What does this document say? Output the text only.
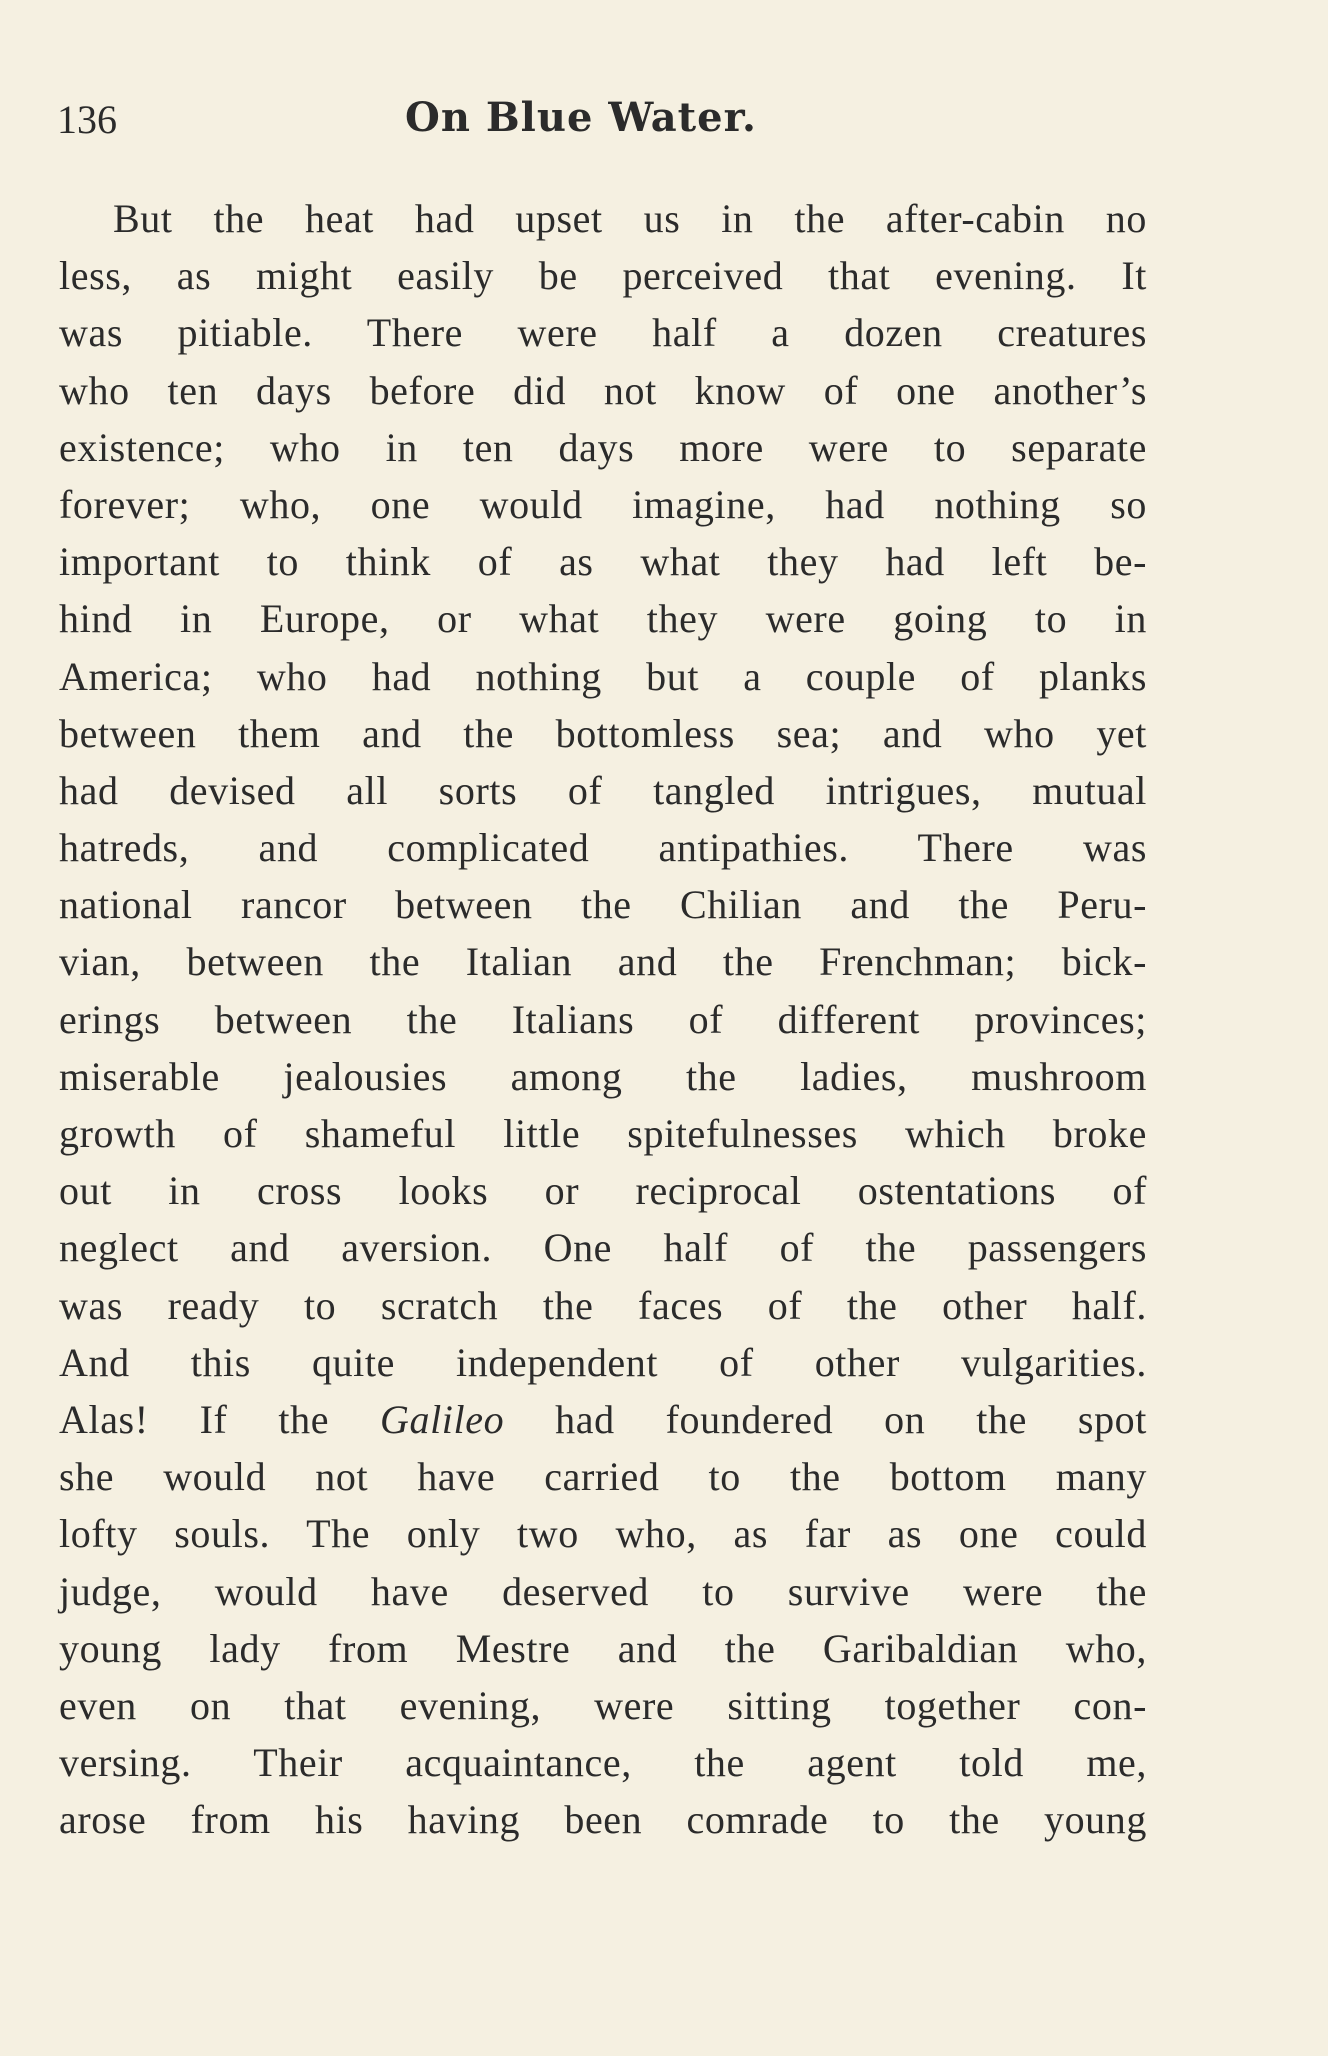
136	On Blue Water.
But the heat had upset us in the after-cabin no
less, as might easily be perceived that evening. It
was pitiable. There were half a dozen creatures
who ten days before did not know of one another’s
existence; who in ten days more were to separate
forever; who, one would imagine, had nothing so
important to think of as what they had left be-
hind in Europe, or what they were going to in
America; who had nothing but a couple of planks
between them and the bottomless sea; and who yet
had devised all sorts of tangled intrigues, mutual
hatreds, and complicated antipathies. There was
national rancor between the Chilian and the Peru-
vian, between the Italian and the Frenchman; bick-
erings between the Italians of different provinces;
miserable jealousies among the ladies, mushroom
growth of shameful little spitefulnesses which broke
out in cross looks or reciprocal ostentations of
neglect and aversion. One half of the passengers
was ready to scratch the faces of the other half.
And this quite independent of other vulgarities.
Alas! If the Galileo had foundered on the spot
she would not have carried to the bottom many
lofty souls. The only two who, as far as one could
judge, would have deserved to survive were the
young lady from Mestre and the Garibaldian who,
even on that evening, were sitting together con-
versing. Their acquaintance, the agent told me,
arose from his having been comrade to the young
